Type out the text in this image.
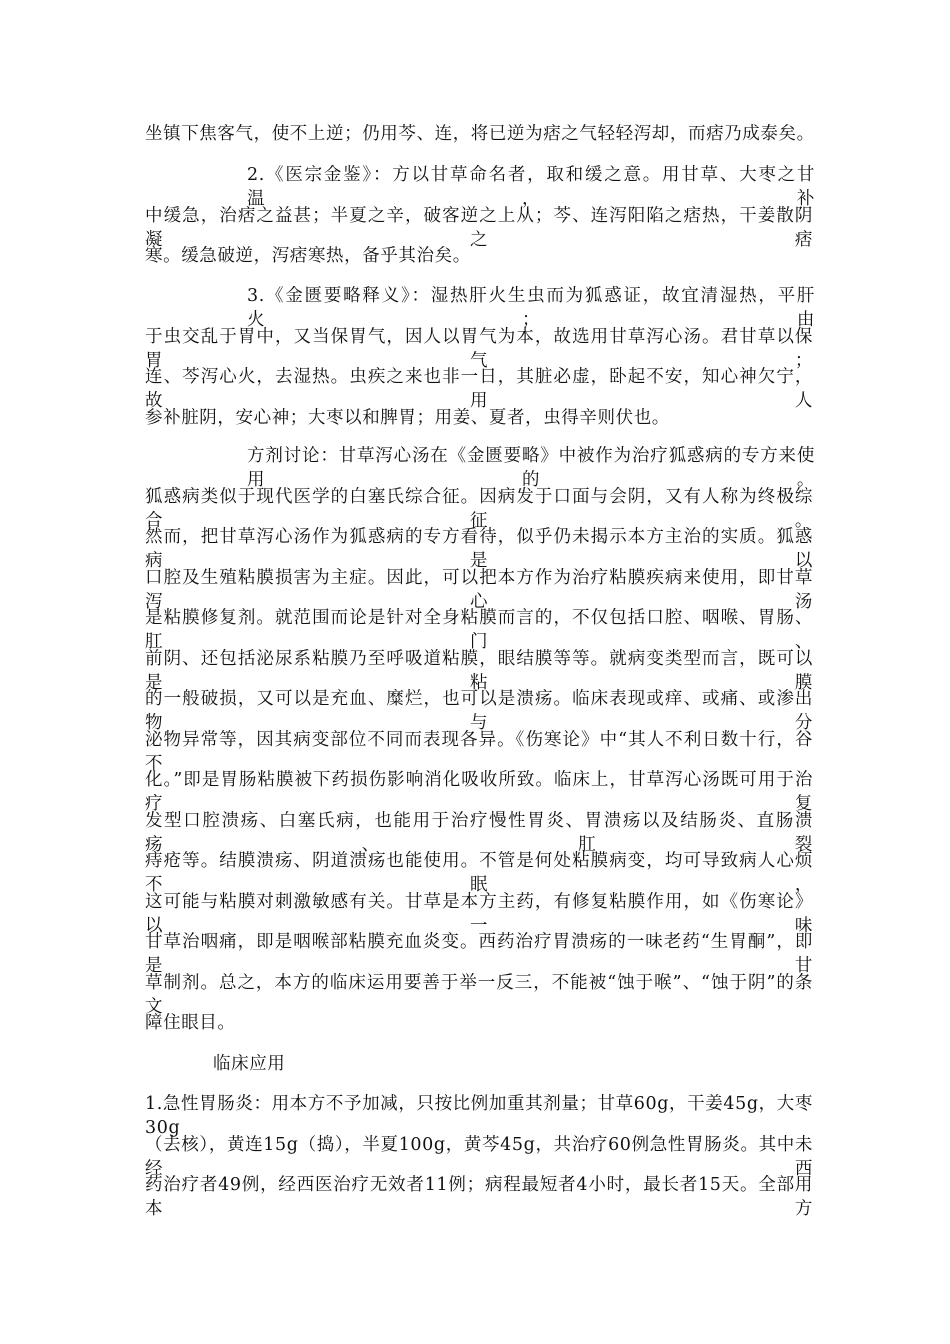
坐镇下焦客气，使不上逆；仍用芩、连，将已逆为痞之气轻轻泻却，而痞乃成泰矣。
2.《医宗金鉴》：方以甘草命名者，取和缓之意。用甘草、大枣之甘温，补
中缓急，治痞之益甚；半夏之辛，破客逆之上从；芩、连泻阳陷之痞热，干姜散阴凝之痞
寒。缓急破逆，泻痞寒热，备乎其治矣。
3.《金匮要略释义》：湿热肝火生虫而为狐惑证，故宜清湿热，平肝火；由
于虫交乱于胃中，又当保胃气，因人以胃气为本，故选用甘草泻心汤。君甘草以保胃气；
连、芩泻心火，去湿热。虫疾之来也非一日，其脏必虚，卧起不安，知心神欠宁，故用人
参补脏阴，安心神；大枣以和脾胃；用姜、夏者，虫得辛则伏也。
方剂讨论：甘草泻心汤在《金匮要略》中被作为治疗狐惑病的专方来使用的。
狐惑病类似于现代医学的白塞氏综合征。因病发于口面与会阴，又有人称为终极综合征。
然而，把甘草泻心汤作为狐惑病的专方看待，似乎仍未揭示本方主治的实质。狐惑病是以
口腔及生殖粘膜损害为主症。因此，可以把本方作为治疗粘膜疾病来使用，即甘草泻心汤
是粘膜修复剂。就范围而论是针对全身粘膜而言的，不仅包括口腔、咽喉、胃肠、肛门、
前阴、还包括泌尿系粘膜乃至呼吸道粘膜，眼结膜等等。就病变类型而言，既可以是粘膜
的一般破损，又可以是充血、糜烂，也可以是溃疡。临床表现或痒、或痛、或渗出物与分
泌物异常等，因其病变部位不同而表现各异。《伤寒论》中“其人不利日数十行，谷不
化。”即是胃肠粘膜被下药损伤影响消化吸收所致。临床上，甘草泻心汤既可用于治疗复
发型口腔溃疡、白塞氏病，也能用于治疗慢性胃炎、胃溃疡以及结肠炎、直肠溃疡、肛裂
痔疮等。结膜溃疡、阴道溃疡也能使用。不管是何处粘膜病变，均可导致病人心烦不眠，
这可能与粘膜对刺激敏感有关。甘草是本方主药，有修复粘膜作用，如《伤寒论》以一味
甘草治咽痛，即是咽喉部粘膜充血炎变。西药治疗胃溃疡的一味老药“生胃酮”，即是甘
草制剂。总之，本方的临床运用要善于举一反三，不能被“蚀于喉”、“蚀于阴”的条文
障住眼目。
临床应用
1.急性胃肠炎：用本方不予加减，只按比例加重其剂量；甘草60g，干姜45g，大枣30g
（去核），黄连15g（捣），半夏100g，黄芩45g，共治疗60例急性胃肠炎。其中未经西
药治疗者49例，经西医治疗无效者11例；病程最短者4小时，最长者15天。全部用本方
